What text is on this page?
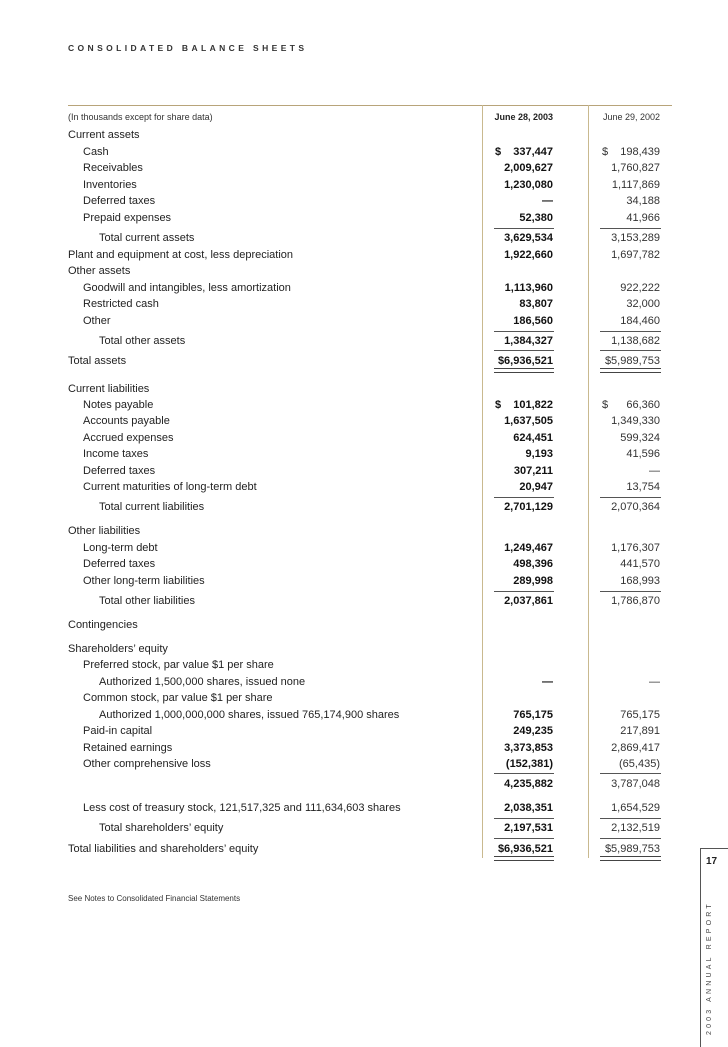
CONSOLIDATED BALANCE SHEETS
(In thousands except for share data)	June 28, 2003	June 29, 2002
Current assets
Cash	$	337,447	$	198,439
Receivables	2,009,627	1,760,827
Inventories	1,230,080	1,117,869
Deferred taxes	—	34,188
Prepaid expenses	52,380	41,966
Total current assets	3,629,534	3,153,289
Plant and equipment at cost, less depreciation	1,922,660	1,697,782
Other assets
Goodwill and intangibles, less amortization	1,113,960	922,222
Restricted cash	83,807	32,000
Other	186,560	184,460
Total other assets	1,384,327	1,138,682
Total assets	$6,936,521	$5,989,753
Current liabilities
Notes payable	$	101,822	$	66,360
Accounts payable	1,637,505	1,349,330
Accrued expenses	624,451	599,324
Income taxes	9,193	41,596
Deferred taxes	307,211	—
Current maturities of long-term debt	20,947	13,754
Total current liabilities	2,701,129	2,070,364
Other liabilities
Long-term debt	1,249,467	1,176,307
Deferred taxes	498,396	441,570
Other long-term liabilities	289,998	168,993
Total other liabilities	2,037,861	1,786,870
Contingencies
Shareholders’ equity
Preferred stock, par value $1 per share
Authorized 1,500,000 shares, issued none	—	—
Common stock, par value $1 per share
Authorized 1,000,000,000 shares, issued 765,174,900 shares	765,175	765,175
Paid-in capital	249,235	217,891
Retained earnings	3,373,853	2,869,417
Other comprehensive loss	(152,381)	(65,435)
4,235,882	3,787,048
Less cost of treasury stock, 121,517,325 and 111,634,603 shares	2,038,351	1,654,529
Total shareholders’ equity	2,197,531	2,132,519
Total liabilities and shareholders’ equity	$6,936,521	$5,989,753
See Notes to Consolidated Financial Statements
17
2003 ANNUAL REPORT
